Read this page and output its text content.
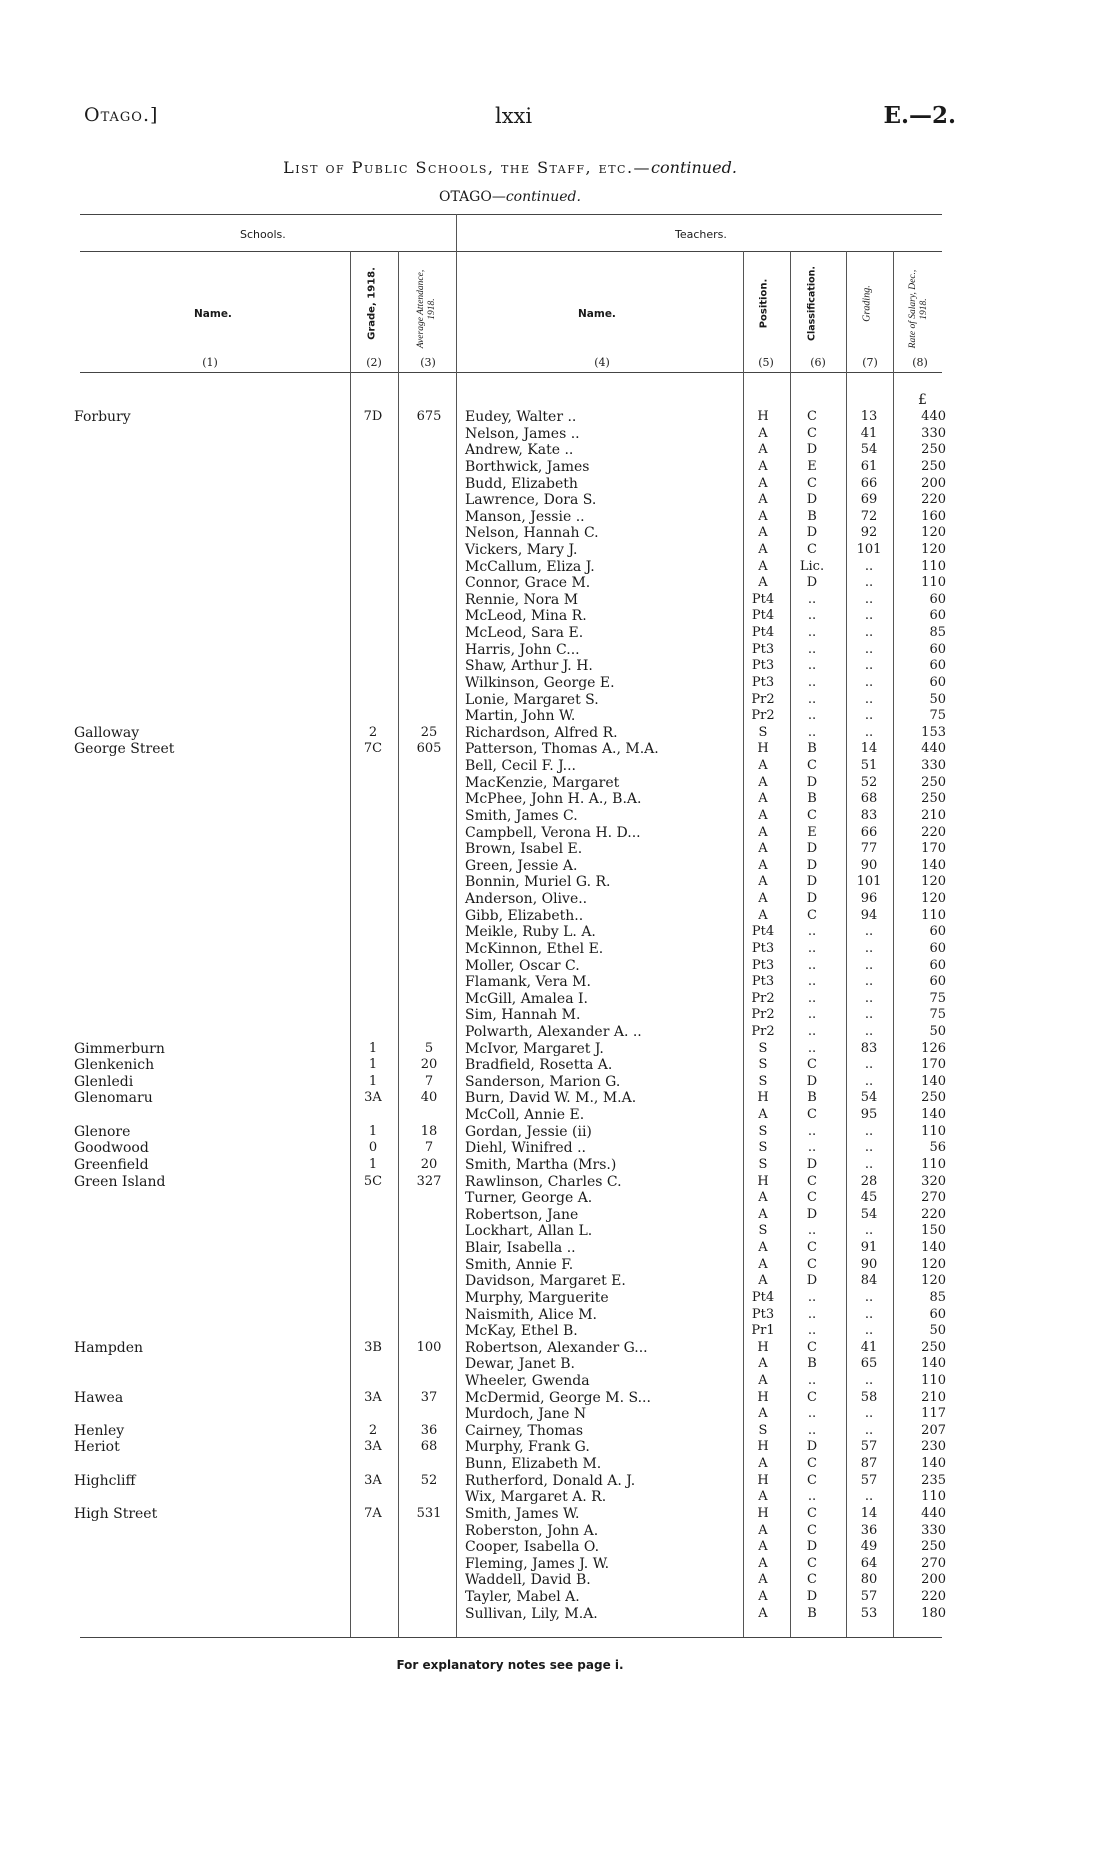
Otago.]	lxxi	E.—2.
List of Public Schools, the Staff, etc.—continued.
OTAGO—continued.
Schools.	Teachers.
Name.	Grade, 1918.	Average Attendance, 1918.	Name.	Position.	Classification.	Grading.	Rate of Salary, Dec., 1918.
(1)	(2)	(3)	(4)	(5)	(6)	(7)	(8)
£
Forbury	7D	675	Eudey, Walter ..	H	C	13	440
Nelson, James ..	A	C	41	330
Andrew, Kate ..	A	D	54	250
Borthwick, James	A	E	61	250
Budd, Elizabeth	A	C	66	200
Lawrence, Dora S.	A	D	69	220
Manson, Jessie ..	A	B	72	160
Nelson, Hannah C.	A	D	92	120
Vickers, Mary J.	A	C	101	120
McCallum, Eliza J.	A	Lic.	..	110
Connor, Grace M.	A	D	..	110
Rennie, Nora M	Pt4	..	..	60
McLeod, Mina R.	Pt4	..	..	60
McLeod, Sara E.	Pt4	..	..	85
Harris, John C...	Pt3	..	..	60
Shaw, Arthur J. H.	Pt3	..	..	60
Wilkinson, George E.	Pt3	..	..	60
Lonie, Margaret S.	Pr2	..	..	50
Martin, John W.	Pr2	..	..	75
Galloway	2	25	Richardson, Alfred R.	S	..	..	153
George Street	7C	605	Patterson, Thomas A., M.A.	H	B	14	440
Bell, Cecil F. J...	A	C	51	330
MacKenzie, Margaret	A	D	52	250
McPhee, John H. A., B.A.	A	B	68	250
Smith, James C.	A	C	83	210
Campbell, Verona H. D...	A	E	66	220
Brown, Isabel E.	A	D	77	170
Green, Jessie A.	A	D	90	140
Bonnin, Muriel G. R.	A	D	101	120
Anderson, Olive..	A	D	96	120
Gibb, Elizabeth..	A	C	94	110
Meikle, Ruby L. A.	Pt4	..	..	60
McKinnon, Ethel E.	Pt3	..	..	60
Moller, Oscar C.	Pt3	..	..	60
Flamank, Vera M.	Pt3	..	..	60
McGill, Amalea I.	Pr2	..	..	75
Sim, Hannah M.	Pr2	..	..	75
Polwarth, Alexander A. ..	Pr2	..	..	50
Gimmerburn	1	5	McIvor, Margaret J.	S	..	83	126
Glenkenich	1	20	Bradfield, Rosetta A.	S	C	..	170
Glenledi	1	7	Sanderson, Marion G.	S	D	..	140
Glenomaru	3A	40	Burn, David W. M., M.A.	H	B	54	250
McColl, Annie E.	A	C	95	140
Glenore	1	18	Gordan, Jessie (ii)	S	..	..	110
Goodwood	0	7	Diehl, Winifred ..	S	..	..	56
Greenfield	1	20	Smith, Martha (Mrs.)	S	D	..	110
Green Island	5C	327	Rawlinson, Charles C.	H	C	28	320
Turner, George A.	A	C	45	270
Robertson, Jane	A	D	54	220
Lockhart, Allan L.	S	..	..	150
Blair, Isabella ..	A	C	91	140
Smith, Annie F.	A	C	90	120
Davidson, Margaret E.	A	D	84	120
Murphy, Marguerite	Pt4	..	..	85
Naismith, Alice M.	Pt3	..	..	60
McKay, Ethel B.	Pr1	..	..	50
Hampden	3B	100	Robertson, Alexander G...	H	C	41	250
Dewar, Janet B.	A	B	65	140
Wheeler, Gwenda	A	..	..	110
Hawea	3A	37	McDermid, George M. S...	H	C	58	210
Murdoch, Jane N	A	..	..	117
Henley	2	36	Cairney, Thomas	S	..	..	207
Heriot	3A	68	Murphy, Frank G.	H	D	57	230
Bunn, Elizabeth M.	A	C	87	140
Highcliff	3A	52	Rutherford, Donald A. J.	H	C	57	235
Wix, Margaret A. R.	A	..	..	110
High Street	7A	531	Smith, James W.	H	C	14	440
Roberston, John A.	A	C	36	330
Cooper, Isabella O.	A	D	49	250
Fleming, James J. W.	A	C	64	270
Waddell, David B.	A	C	80	200
Tayler, Mabel A.	A	D	57	220
Sullivan, Lily, M.A.	A	B	53	180
For explanatory notes see page i.
